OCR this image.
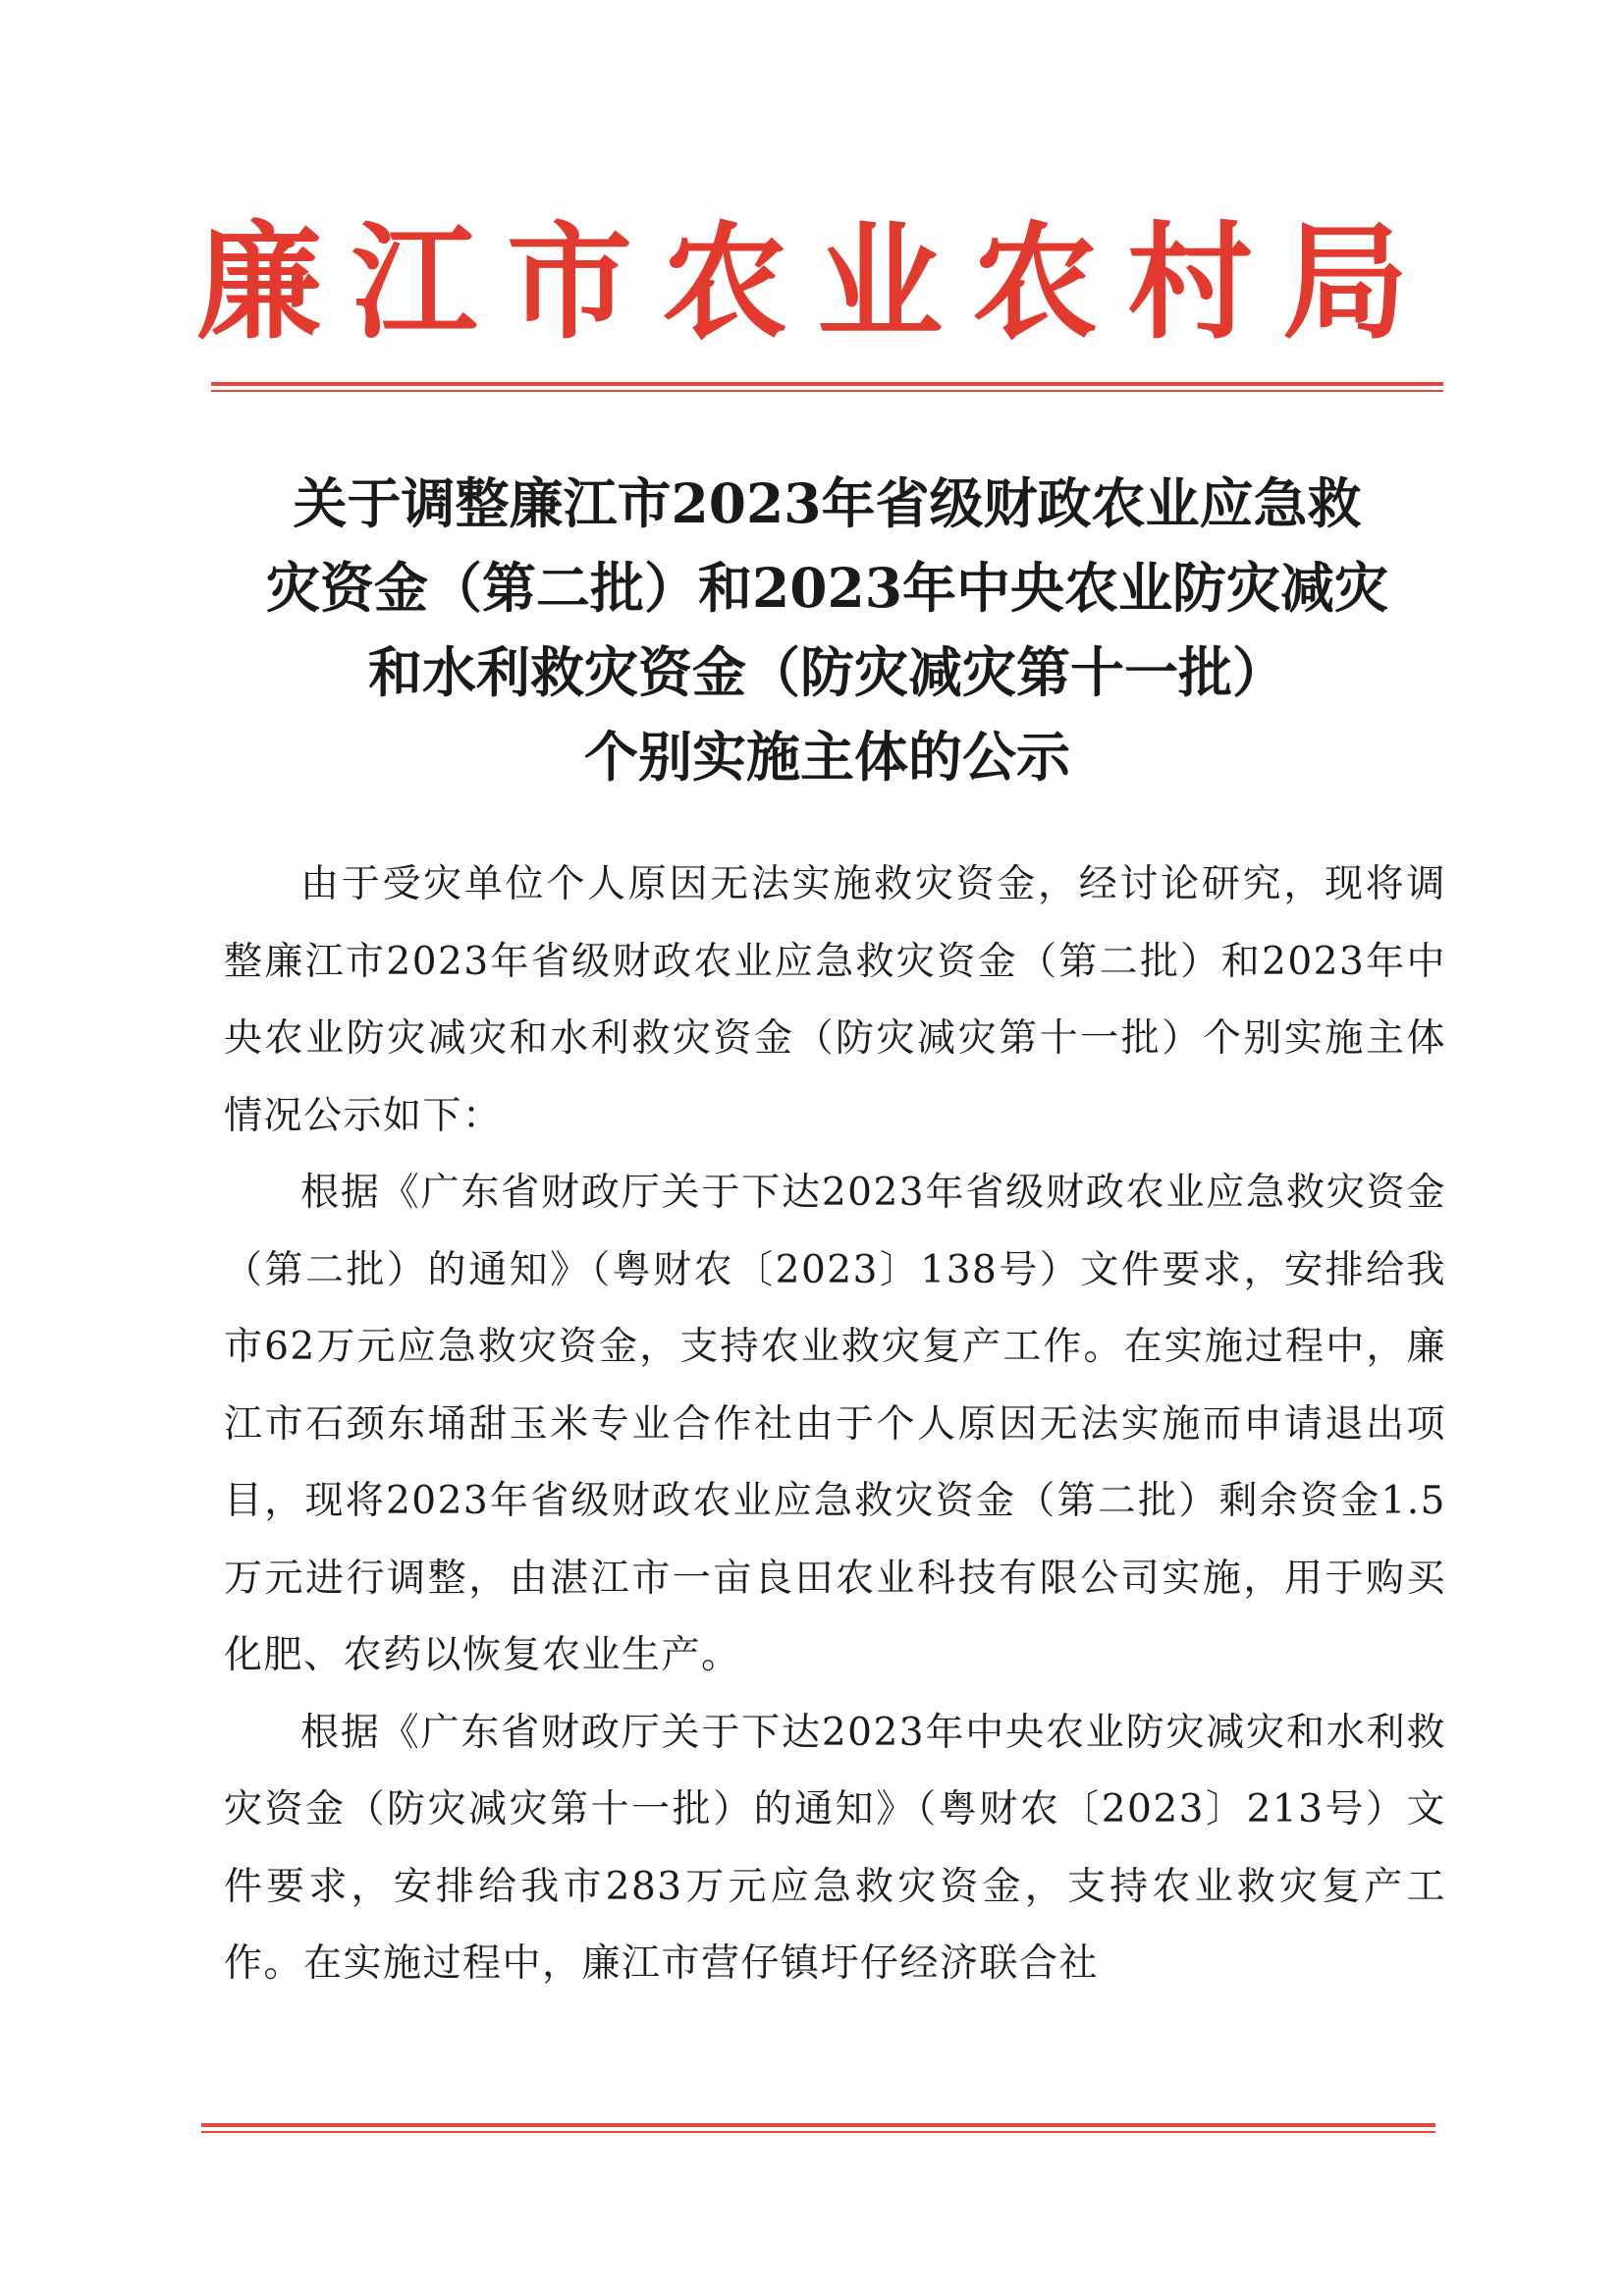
廉江市农业农村局
关于调整廉江市2023年省级财政农业应急救
灾资金（第二批）和2023年中央农业防灾减灾
和水利救灾资金（防灾减灾第十一批）
个别实施主体的公示

由于受灾单位个人原因无法实施救灾资金，经讨论研究，现将调整廉江市2023年省级财政农业应急救灾资金（第二批）和2023年中央农业防灾减灾和水利救灾资金（防灾减灾第十一批）个别实施主体情况公示如下：

根据《广东省财政厅关于下达2023年省级财政农业应急救灾资金（第二批）的通知》（粤财农〔2023〕138号）文件要求，安排给我市62万元应急救灾资金，支持农业救灾复产工作。在实施过程中，廉江市石颈东埇甜玉米专业合作社由于个人原因无法实施而申请退出项目，现将2023年省级财政农业应急救灾资金（第二批）剩余资金1.5万元进行调整，由湛江市一亩良田农业科技有限公司实施，用于购买化肥、农药以恢复农业生产。

根据《广东省财政厅关于下达2023年中央农业防灾减灾和水利救灾资金（防灾减灾第十一批）的通知》（粤财农〔2023〕213号）文件要求，安排给我市283万元应急救灾资金，支持农业救灾复产工作。在实施过程中，廉江市营仔镇圩仔经济联合社
